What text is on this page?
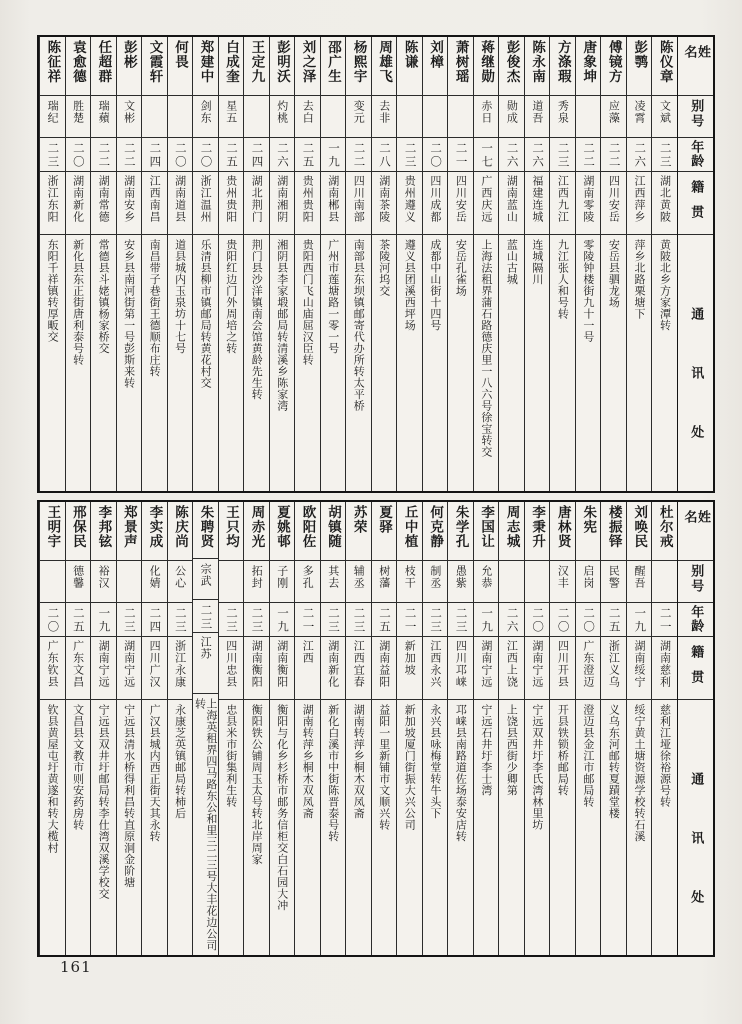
姓名
别号
年龄
籍贯
通讯处
陈仪章
文斌
二三
湖北黄陂
黄陂北乡方家潭转
彭鹗
凌霄
二六
江西萍乡
萍乡北路栗塘下
傅镜方
应藻
二二
四川安岳
安岳县驷龙场
唐象坤
二二
湖南零陵
零陵钟楼街九十一号
方涤瑕
秀泉
二三
江西九江
九江张人和号转
陈永南
道吾
二六
福建连城
连城隔川
彭俊杰
勋成
二六
湖南蓝山
蓝山古城
蒋继勋
赤日
一七
广西庆远
上海法租界蒲石路德庆里一八六号徐宝转交
萧树瑶
二一
四川安岳
安岳孔雀场
刘樟
二〇
四川成都
成都中山街十四号
陈谦
二三
贵州遵义
遵义县团溪西坪场
周雄飞
去非
二八
湖南茶陵
茶陵河坞交
杨熙宇
变元
二二
四川南部
南部县东坝镇邮寄代办所转太平桥
邵广生
一九
湖南郴县
广州市莲塘路一零一号
刘之泽
去白
二五
贵州贵阳
贵阳西门飞山庙屈汉臣转
彭明沃
灼桃
二六
湖南湘阴
湘阴县李家塅邮局转清溪乡陈家湾
王定九
二四
湖北荆门
荆门县沙洋镇南会馆黄龄先生转
白成奎
星五
二五
贵州贵阳
贵阳红边门外周培之转
郑建中
剑东
二〇
浙江温州
乐清县柳市镇邮局转黄花村交
何畏
二〇
湖南道县
道县城内玉泉坊十七号
文霞轩
二四
江西南昌
南昌带子巷街王德顺布庄转
彭彬
文彬
二二
湖南安乡
安乡县南河街第一号彭斯来转
任超群
瑞蘋
二二
湖南常德
常德县斗姥镇杨家桥交
袁愈德
胜楚
二〇
湖南新化
新化县东正街唐利泰号转
陈征祥
瑞纪
二三
浙江东阳
东阳千祥镇转厚畈交
姓名
别号
年龄
籍贯
通讯处
杜尔戒
二一
湖南慈利
慈利江垭徐裕源号转
刘唤民
醒吾
一九
湖南绥宁
绥宁黄土塘资源学校转石溪
楼振铎
民警
二五
浙江义乌
义乌东河邮转夏蹟堂楼
朱宪
启岗
二〇
广东澄迈
澄迈县金江市邮局转
唐林贤
汉丰
二〇
四川开县
开县铁锁桥邮局转
李秉升
二〇
湖南宁远
宁远双井圩李氏湾林里坊
周志城
二六
江西上饶
上饶县西街少卿第
李国让
允恭
一九
湖南宁远
宁远石井圩李士湾
朱学孔
愚紫
二三
四川邛崃
邛崃县南路道佐场泰安店转
何克静
制丞
二三
江西永兴
永兴县咏梅堂转牛头下
丘中植
枝干
二一
新加坡
新加坡厦门街振大兴公司
夏驿
树藩
二五
湖南益阳
益阳一里新铺市文顺兴转
苏荣
辅丞
二三
江西宜春
湖南转萍乡桐木双凤斋
胡镇随
其去
二三
湖南新化
新化白溪市中街陈晋泰号转
欧阳佐
多孔
二一
江西
湖南转萍乡桐木双凤斋
夏姚邨
子刚
一九
湖南衡阳
衡阳与化乡杉桥市邮务信柜交白石园大冲
周赤光
拓封
二三
湖南衡阳
衡阳铁公铺周玉太号转北岸周家
王只均
二三
四川忠县
忠县米市街集利生转
朱聘贤
宗武
二三
江苏
上海英租界四马路东公和里三二三号大丰花边公司转
陈庆尚
公心
二三
浙江永康
永康芝英镇邮局转柿后
李实成
化婧
二四
四川广汉
广汉县城内西正街天其永转
郑景声
二三
湖南宁远
宁远县清水桥得利昌转直原洞金阶塘
李邦铉
裕汉
一九
湖南宁远
宁远县双井圩邮局转李仕湾双溪学校交
邢保民
德馨
二五
广东文昌
文昌县文教市则安药房转
王明宇
二〇
广东钦县
钦县黄屋屯圩黄遂和转大榄村
161
